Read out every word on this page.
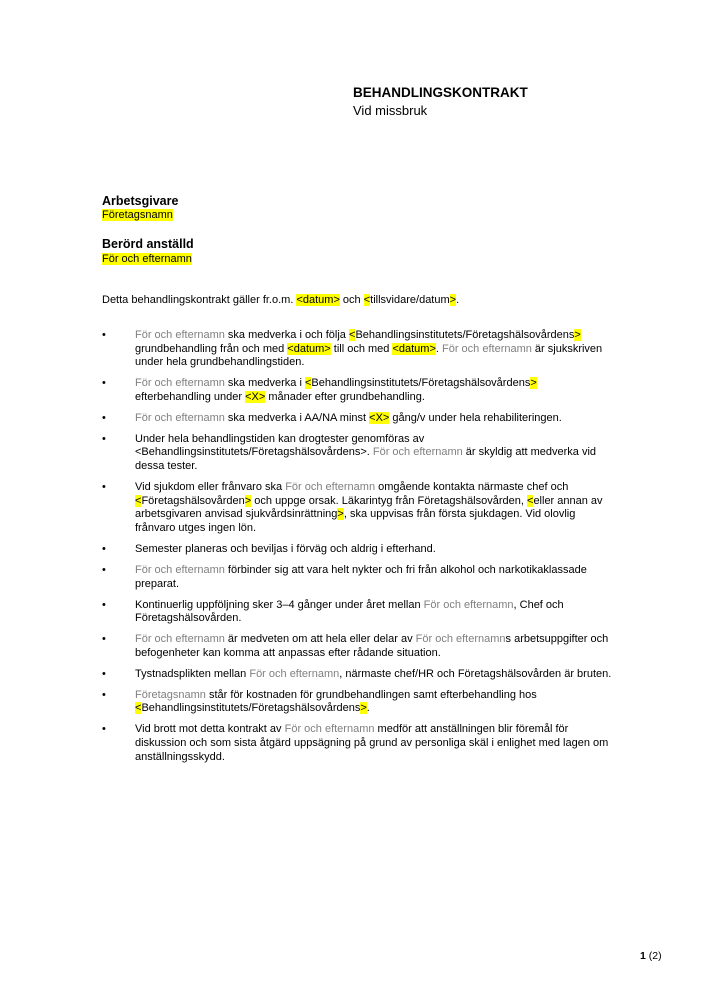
BEHANDLINGSKONTRAKT
Vid missbruk
Arbetsgivare
Företagsnamn
Berörd anställd
För och efternamn
Detta behandlingskontrakt gäller fr.o.m. <datum> och <tillsvidare/datum>.
•	För och efternamn ska medverka i och följa <Behandlingsinstitutets/Företagshälsovårdens> grundbehandling från och med <datum> till och med <datum>. För och efternamn är sjukskriven under hela grundbehandlingstiden.
•	För och efternamn ska medverka i <Behandlingsinstitutets/Företagshälsovårdens> efterbehandling under <X> månader efter grundbehandling.
•	För och efternamn ska medverka i AA/NA minst <X> gång/v under hela rehabiliteringen.
•	Under hela behandlingstiden kan drogtester genomföras av <Behandlingsinstitutets/Företagshälsovårdens>. För och efternamn är skyldig att medverka vid dessa tester.
•	Vid sjukdom eller frånvaro ska För och efternamn omgående kontakta närmaste chef och <Företagshälsovården> och uppge orsak. Läkarintyg från Företagshälsovården, <eller annan av arbetsgivaren anvisad sjukvårdsinrättning>, ska uppvisas från första sjukdagen. Vid olovlig frånvaro utges ingen lön.
•	Semester planeras och beviljas i förväg och aldrig i efterhand.
•	För och efternamn förbinder sig att vara helt nykter och fri från alkohol och narkotikaklassade preparat.
•	Kontinuerlig uppföljning sker 3–4 gånger under året mellan För och efternamn, Chef och Företagshälsovården.
•	För och efternamn är medveten om att hela eller delar av För och efternamns arbetsuppgifter och befogenheter kan komma att anpassas efter rådande situation.
•	Tystnadsplikten mellan För och efternamn, närmaste chef/HR och Företagshälsovården är bruten.
•	Företagsnamn står för kostnaden för grundbehandlingen samt efterbehandling hos <Behandlingsinstitutets/Företagshälsovårdens>.
•	Vid brott mot detta kontrakt av För och efternamn medför att anställningen blir föremål för diskussion och som sista åtgärd uppsägning på grund av personliga skäl i enlighet med lagen om anställningsskydd.
1 (2)
